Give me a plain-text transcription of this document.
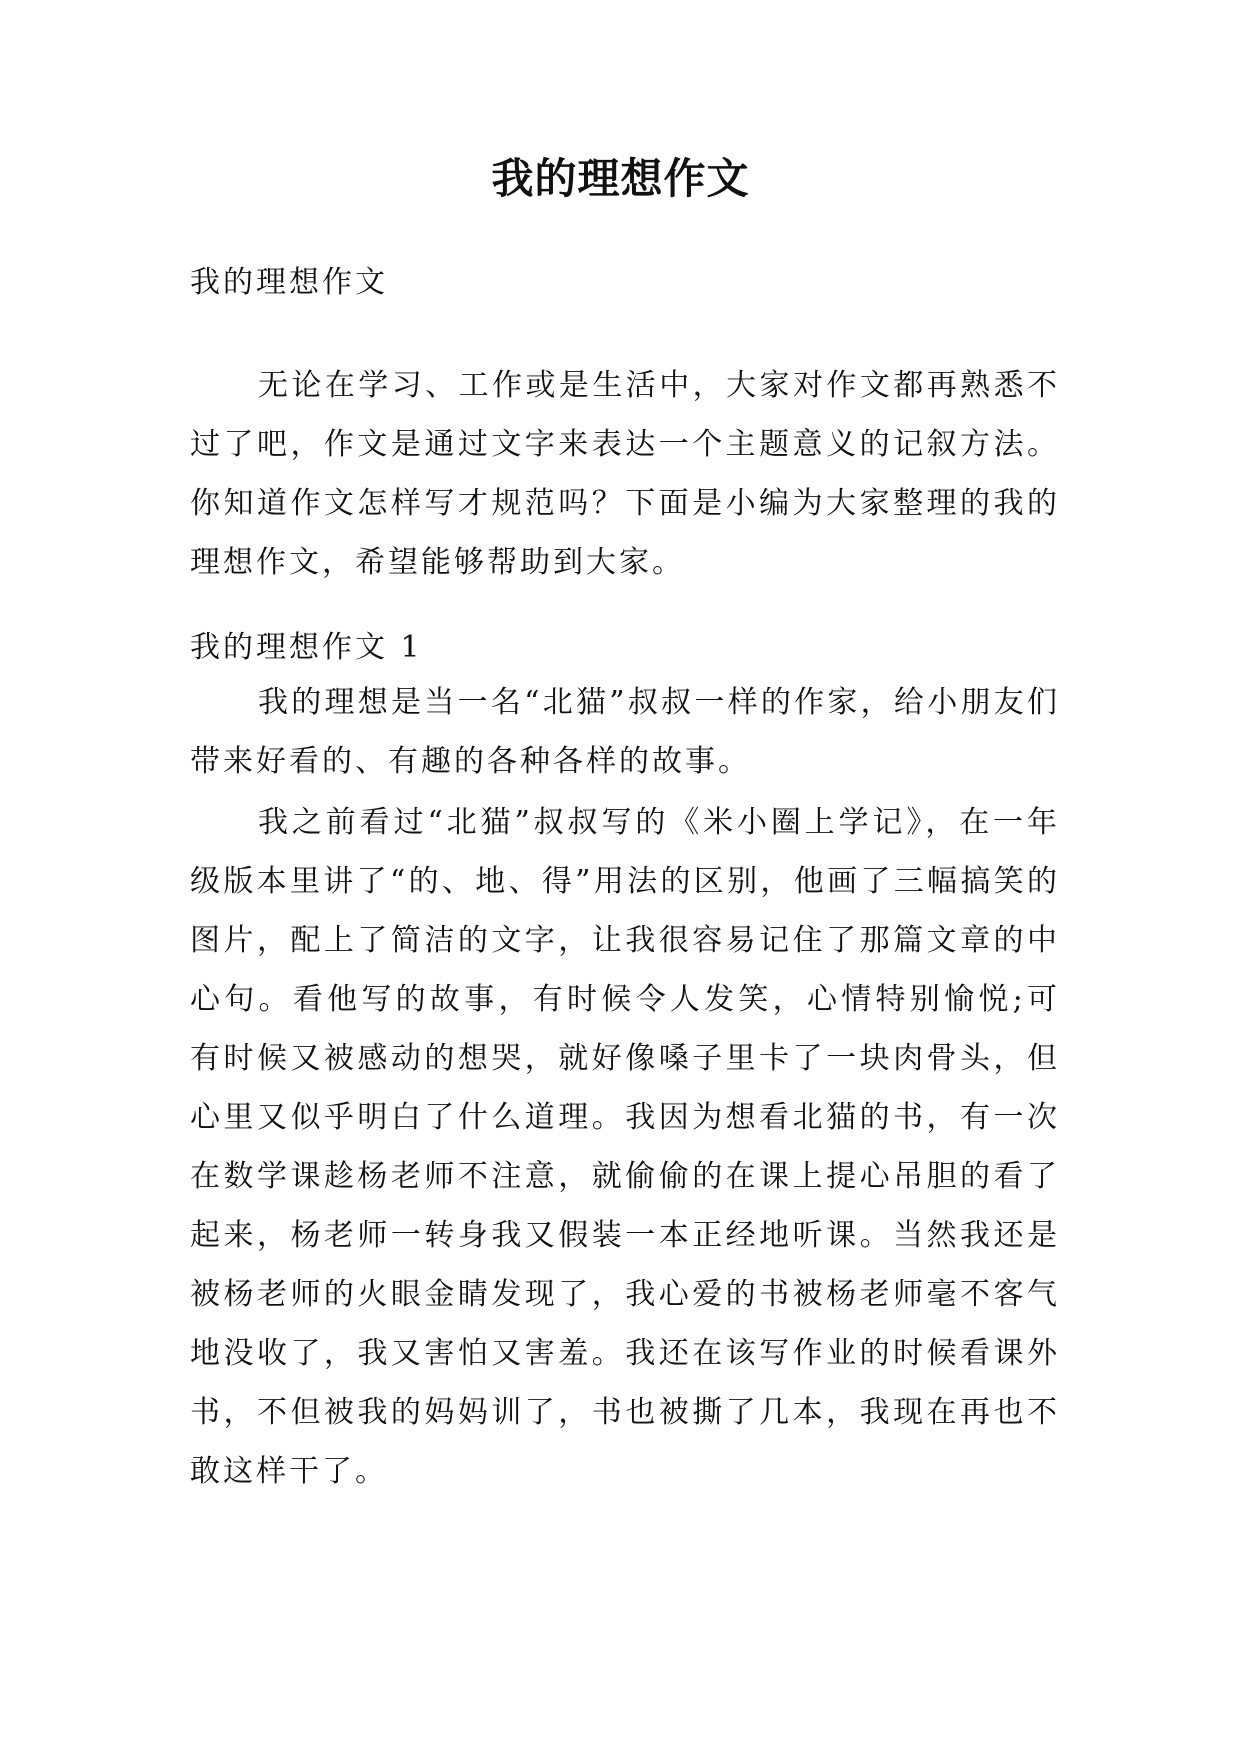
我的理想作文

我的理想作文

无论在学习、工作或是生活中，大家对作文都再熟悉不过了吧，作文是通过文字来表达一个主题意义的记叙方法。你知道作文怎样写才规范吗？下面是小编为大家整理的我的理想作文，希望能够帮助到大家。

我的理想作文 1

我的理想是当一名“北猫”叔叔一样的作家，给小朋友们带来好看的、有趣的各种各样的故事。

我之前看过“北猫”叔叔写的《米小圈上学记》，在一年级版本里讲了“的、地、得”用法的区别，他画了三幅搞笑的图片，配上了简洁的文字，让我很容易记住了那篇文章的中心句。看他写的故事，有时候令人发笑，心情特别愉悦;可有时候又被感动的想哭，就好像嗓子里卡了一块肉骨头，但心里又似乎明白了什么道理。我因为想看北猫的书，有一次在数学课趁杨老师不注意，就偷偷的在课上提心吊胆的看了起来，杨老师一转身我又假装一本正经地听课。当然我还是被杨老师的火眼金睛发现了，我心爱的书被杨老师毫不客气地没收了，我又害怕又害羞。我还在该写作业的时候看课外书，不但被我的妈妈训了，书也被撕了几本，我现在再也不敢这样干了。
